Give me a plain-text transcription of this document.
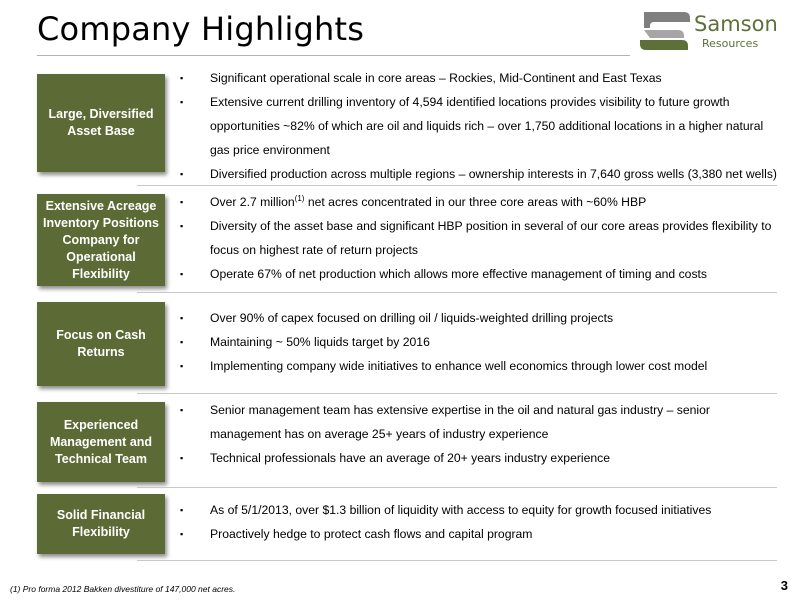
Company Highlights	Samson
Resources
Large, Diversified Asset Base
▪ Significant operational scale in core areas – Rockies, Mid-Continent and East Texas
▪ Extensive current drilling inventory of 4,594 identified locations provides visibility to future growth opportunities ~82% of which are oil and liquids rich – over 1,750 additional locations in a higher natural gas price environment
▪ Diversified production across multiple regions – ownership interests in 7,640 gross wells (3,380 net wells)
Extensive Acreage Inventory Positions Company for Operational Flexibility
▪ Over 2.7 million$^{(1)}$ net acres concentrated in our three core areas with ~60% HBP
▪ Diversity of the asset base and significant HBP position in several of our core areas provides flexibility to focus on highest rate of return projects
▪ Operate 67% of net production which allows more effective management of timing and costs
Focus on Cash Returns
▪ Over 90% of capex focused on drilling oil / liquids-weighted drilling projects
▪ Maintaining ~ 50% liquids target by 2016
▪ Implementing company wide initiatives to enhance well economics through lower cost model
Experienced Management and Technical Team
▪ Senior management team has extensive expertise in the oil and natural gas industry – senior management has on average 25+ years of industry experience
▪ Technical professionals have an average of 20+ years industry experience
Solid Financial Flexibility
▪ As of 5/1/2013, over $1.3 billion of liquidity with access to equity for growth focused initiatives
▪ Proactively hedge to protect cash flows and capital program
(1) Pro forma 2012 Bakken divestiture of 147,000 net acres.	3
